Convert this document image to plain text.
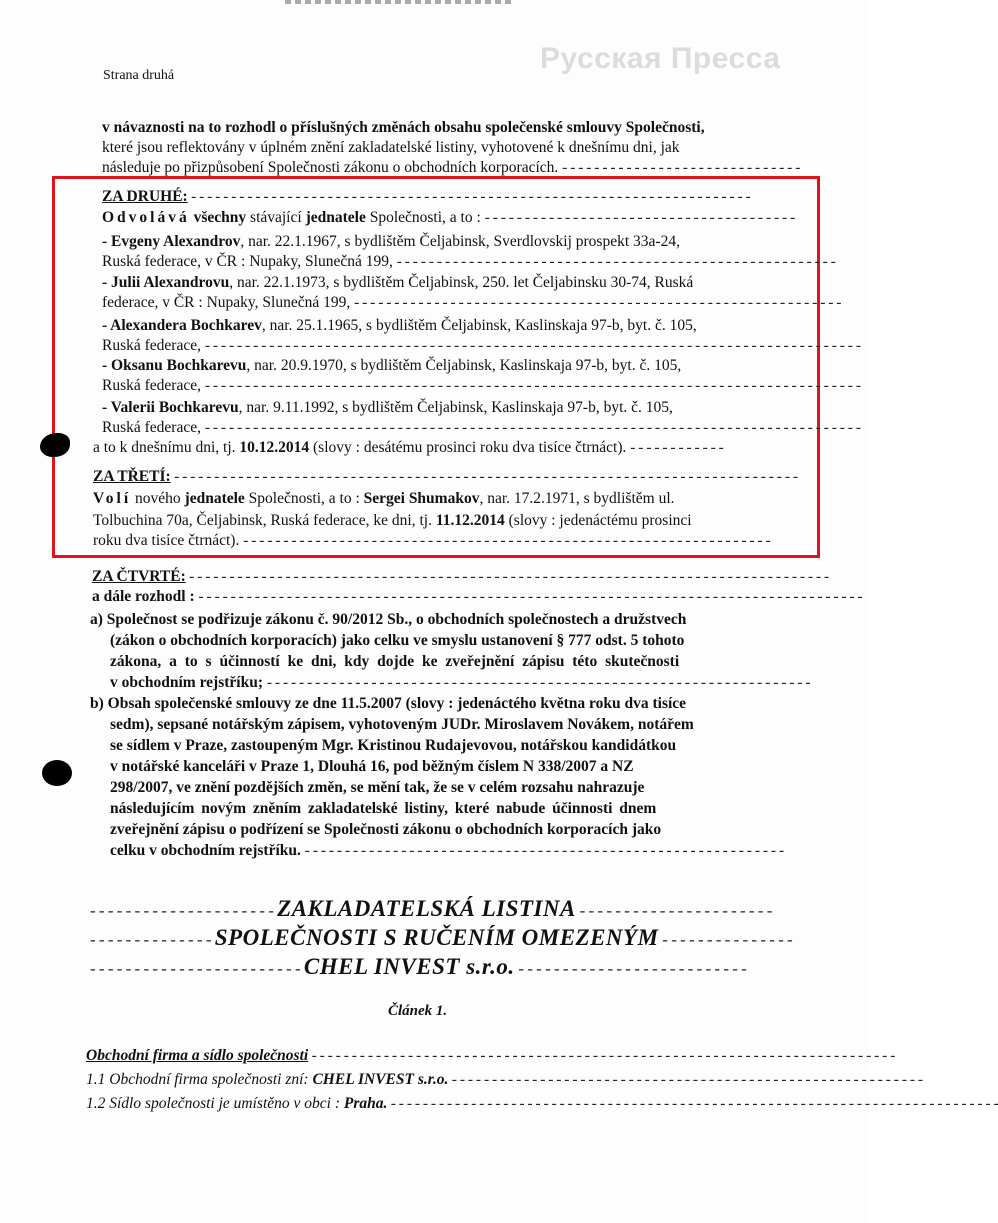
Русская Пресса
Strana druhá
v návaznosti na to rozhodl o příslušných změnách obsahu společenské smlouvy Společnosti,
které jsou reflektovány v úplném znění zakladatelské listiny, vyhotovené k dnešnímu dni, jak
následuje po přizpůsobení Společnosti zákonu o obchodních korporacích. - - - - - - - - - - - - - - - - - - - - - - - - - - - - - -
ZA DRUHÉ: - - - - - - - - - - - - - - - - - - - - - - - - - - - - - - - - - - - - - - - - - - - - - - - - - - - - - - - - - - - - - - - - - - - - - -
Odvolává všechny stávající jednatele Společnosti, a to : - - - - - - - - - - - - - - - - - - - - - - - - - - - - - - - - - - - - - - -
- Evgeny Alexandrov, nar. 22.1.1967, s bydlištěm Čeljabinsk, Sverdlovskij prospekt 33a-24,
Ruská federace, v ČR : Nupaky, Slunečná 199, - - - - - - - - - - - - - - - - - - - - - - - - - - - - - - - - - - - - - - - - - - - - - - - - - - - - - - -
- Julii Alexandrovu, nar. 22.1.1973, s bydlištěm Čeljabinsk, 250. let Čeljabinsku 30-74, Ruská
federace, v ČR : Nupaky, Slunečná 199, - - - - - - - - - - - - - - - - - - - - - - - - - - - - - - - - - - - - - - - - - - - - - - - - - - - - - - - - - - - - -
- Alexandera Bochkarev, nar. 25.1.1965, s bydlištěm Čeljabinsk, Kaslinskaja 97-b, byt. č. 105,
Ruská federace, - - - - - - - - - - - - - - - - - - - - - - - - - - - - - - - - - - - - - - - - - - - - - - - - - - - - - - - - - - - - - - - - - - - - - - - - - - - - - - - - - -
- Oksanu Bochkarevu, nar. 20.9.1970, s bydlištěm Čeljabinsk, Kaslinskaja 97-b, byt. č. 105,
Ruská federace, - - - - - - - - - - - - - - - - - - - - - - - - - - - - - - - - - - - - - - - - - - - - - - - - - - - - - - - - - - - - - - - - - - - - - - - - - - - - - - - - - -
- Valerii Bochkarevu, nar. 9.11.1992, s bydlištěm Čeljabinsk, Kaslinskaja 97-b, byt. č. 105,
Ruská federace, - - - - - - - - - - - - - - - - - - - - - - - - - - - - - - - - - - - - - - - - - - - - - - - - - - - - - - - - - - - - - - - - - - - - - - - - - - - - - - - - - -
a to k dnešnímu dni, tj. 10.12.2014 (slovy : desátému prosinci roku dva tisíce čtrnáct). - - - - - - - - - - - -
ZA TŘETÍ: - - - - - - - - - - - - - - - - - - - - - - - - - - - - - - - - - - - - - - - - - - - - - - - - - - - - - - - - - - - - - - - - - - - - - - - - - - - - - -
Volí nového jednatele Společnosti, a to : Sergei Shumakov, nar. 17.2.1971, s bydlištěm ul.
Tolbuchina 70a, Čeljabinsk, Ruská federace, ke dni, tj. 11.12.2014 (slovy : jedenáctému prosinci
roku dva tisíce čtrnáct). - - - - - - - - - - - - - - - - - - - - - - - - - - - - - - - - - - - - - - - - - - - - - - - - - - - - - - - - - - - - - - - - - -
ZA ČTVRTÉ: - - - - - - - - - - - - - - - - - - - - - - - - - - - - - - - - - - - - - - - - - - - - - - - - - - - - - - - - - - - - - - - - - - - - - - - - - - - - - - - -
a dále rozhodl : - - - - - - - - - - - - - - - - - - - - - - - - - - - - - - - - - - - - - - - - - - - - - - - - - - - - - - - - - - - - - - - - - - - - - - - - - - - - - - - - - - -
a) Společnost se podřizuje zákonu č. 90/2012 Sb., o obchodních společnostech a družstvech
(zákon o obchodních korporacích) jako celku ve smyslu ustanovení § 777 odst. 5 tohoto
zákona, a to s účinností ke dni, kdy dojde ke zveřejnění zápisu této skutečnosti
v obchodním rejstříku; - - - - - - - - - - - - - - - - - - - - - - - - - - - - - - - - - - - - - - - - - - - - - - - - - - - - - - - - - - - - - - - - - - - -
b) Obsah společenské smlouvy ze dne 11.5.2007 (slovy : jedenáctého května roku dva tisíce
sedm), sepsané notářským zápisem, vyhotoveným JUDr. Miroslavem Novákem, notářem
se sídlem v Praze, zastoupeným Mgr. Kristinou Rudajevovou, notářskou kandidátkou
v notářské kanceláři v Praze 1, Dlouhá 16, pod běžným číslem N 338/2007 a NZ
298/2007, ve znění pozdějších změn, se mění tak, že se v celém rozsahu nahrazuje
následujícím novým zněním zakladatelské listiny, které nabude účinnosti dnem
zveřejnění zápisu o podřízení se Společnosti zákonu o obchodních korporacích jako
celku v obchodním rejstříku. - - - - - - - - - - - - - - - - - - - - - - - - - - - - - - - - - - - - - - - - - - - - - - - - - - - - - - - - - - - -
- - - - - - - - - - - - - - - - - - - - - ZAKLADATELSKÁ LISTINA - - - - - - - - - - - - - - - - - - - - - -
- - - - - - - - - - - - - - SPOLEČNOSTI S RUČENÍM OMEZENÝM - - - - - - - - - - - - - - -
- - - - - - - - - - - - - - - - - - - - - - - - CHEL INVEST s.r.o. - - - - - - - - - - - - - - - - - - - - - - - - - -
Článek 1.
Obchodní firma a sídlo společnosti - - - - - - - - - - - - - - - - - - - - - - - - - - - - - - - - - - - - - - - - - - - - - - - - - - - - - - - - - - - - - - - - - - - - - - - - -
1.1 Obchodní firma společnosti zní: CHEL INVEST s.r.o. - - - - - - - - - - - - - - - - - - - - - - - - - - - - - - - - - - - - - - - - - - - - - - - - - - - - - - - - - - -
1.2 Sídlo společnosti je umístěno v obci : Praha. - - - - - - - - - - - - - - - - - - - - - - - - - - - - - - - - - - - - - - - - - - - - - - - - - - - - - - - - - - - - - - - - - - - - - - - - - - - -
